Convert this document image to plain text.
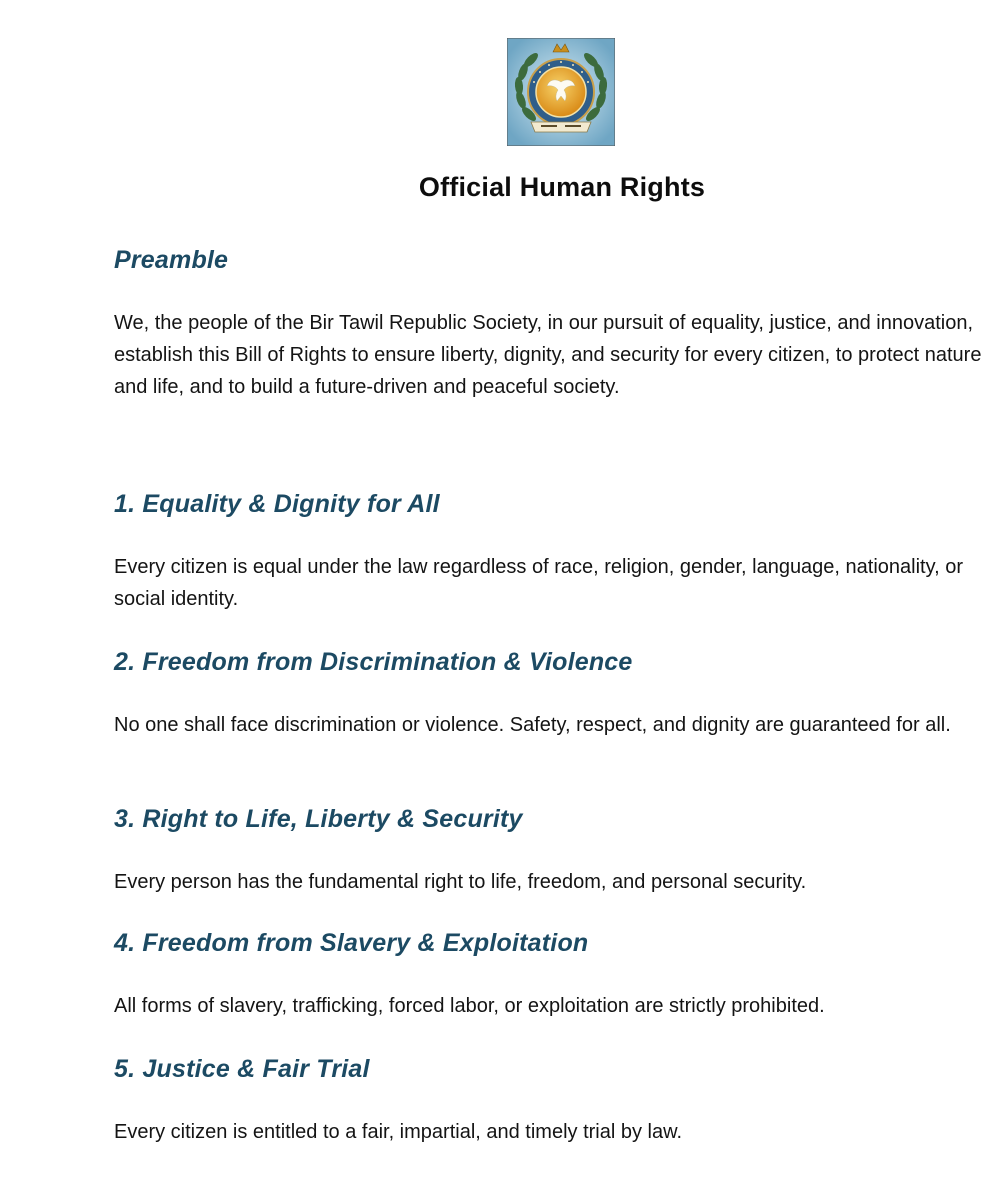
Official Human Rights
Preamble

We, the people of the Bir Tawil Republic Society, in our pursuit of equality, justice, and innovation, establish this Bill of Rights to ensure liberty, dignity, and security for every citizen, to protect nature and life, and to build a future-driven and peaceful society.

1. Equality & Dignity for All

Every citizen is equal under the law regardless of race, religion, gender, language, nationality, or social identity.

2. Freedom from Discrimination & Violence

No one shall face discrimination or violence. Safety, respect, and dignity are guaranteed for all.

3. Right to Life, Liberty & Security

Every person has the fundamental right to life, freedom, and personal security.

4. Freedom from Slavery & Exploitation

All forms of slavery, trafficking, forced labor, or exploitation are strictly prohibited.

5. Justice & Fair Trial

Every citizen is entitled to a fair, impartial, and timely trial by law.
